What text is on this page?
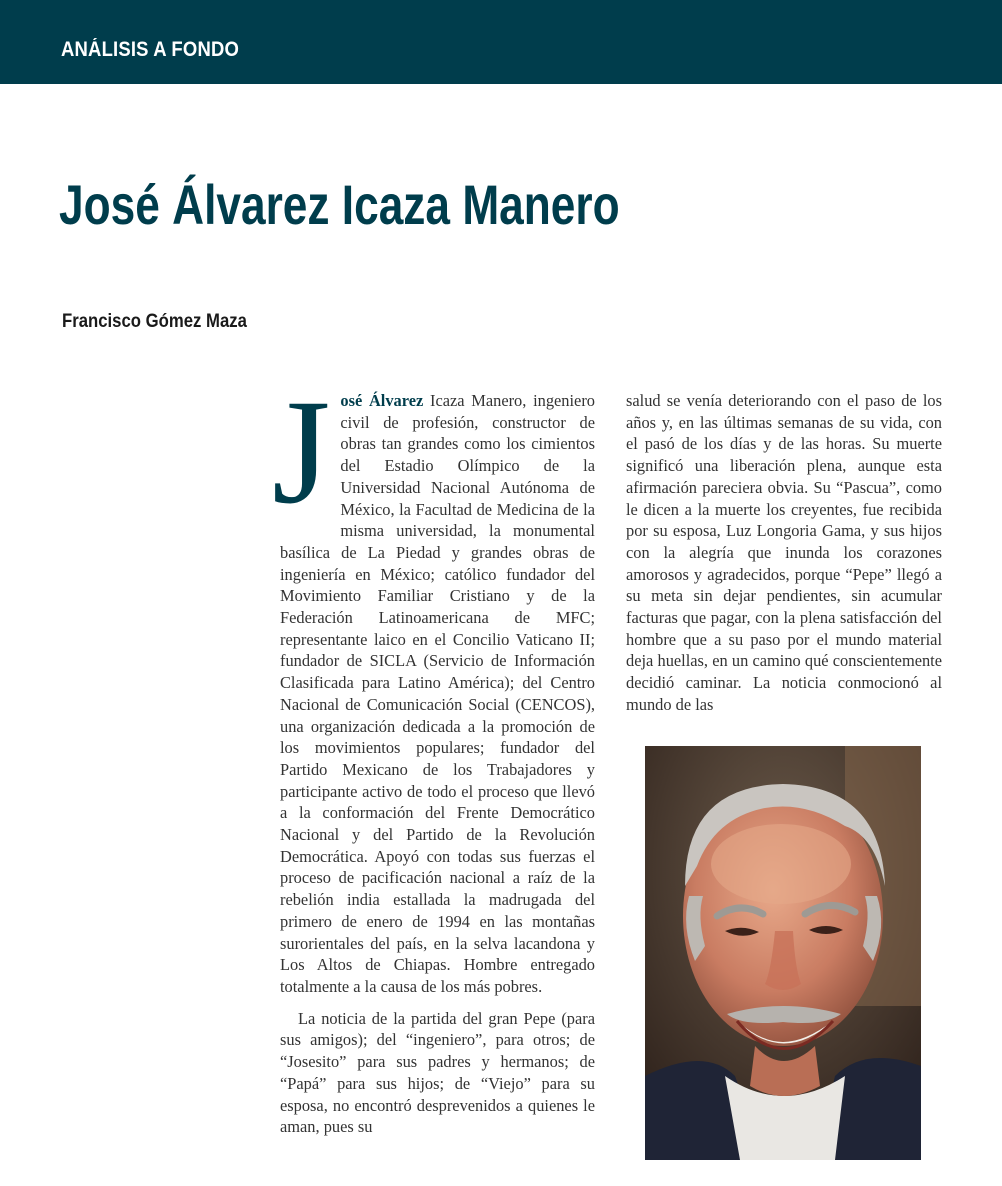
ANÁLISIS A FONDO
José Álvarez Icaza Manero
Francisco Gómez Maza

José Álvarez Icaza Manero, ingeniero civil de profesión, constructor de obras tan grandes como los cimientos del Estadio Olímpico de la Universidad Nacional Autónoma de México, la Facultad de Medicina de la misma universidad, la monumental basílica de La Piedad y grandes obras de ingeniería en México; católico fundador del Movimiento Familiar Cristiano y de la Federación Latinoamericana de MFC; representante laico en el Concilio Vaticano II; fundador de SICLA (Servicio de Información Clasificada para Latino América); del Centro Nacional de Comunicación Social (CENCOS), una organización dedicada a la promoción de los movimientos populares; fundador del Partido Mexicano de los Trabajadores y participante activo de todo el proceso que llevó a la conformación del Frente Democrático Nacional y del Partido de la Revolución Democrática. Apoyó con todas sus fuerzas el proceso de pacificación nacional a raíz de la rebelión india estallada la madrugada del primero de enero de 1994 en las montañas surorientales del país, en la selva lacandona y Los Altos de Chiapas. Hombre entregado totalmente a la causa de los más pobres.

La noticia de la partida del gran Pepe (para sus amigos); del “ingeniero”, para otros; de “Josesito” para sus padres y hermanos; de “Papá” para sus hijos; de “Viejo” para su esposa, no encontró desprevenidos a quienes le aman, pues su

salud se venía deteriorando con el paso de los años y, en las últimas semanas de su vida, con el pasó de los días y de las horas. Su muerte significó una liberación plena, aunque esta afirmación pareciera obvia. Su “Pascua”, como le dicen a la muerte los creyentes, fue recibida por su esposa, Luz Longoria Gama, y sus hijos con la alegría que inunda los corazones amorosos y agradecidos, porque “Pepe” llegó a su meta sin dejar pendientes, sin acumular facturas que pagar, con la plena satisfacción del hombre que a su paso por el mundo material deja huellas, en un camino qué conscientemente decidió caminar. La noticia conmocionó al mundo de las
